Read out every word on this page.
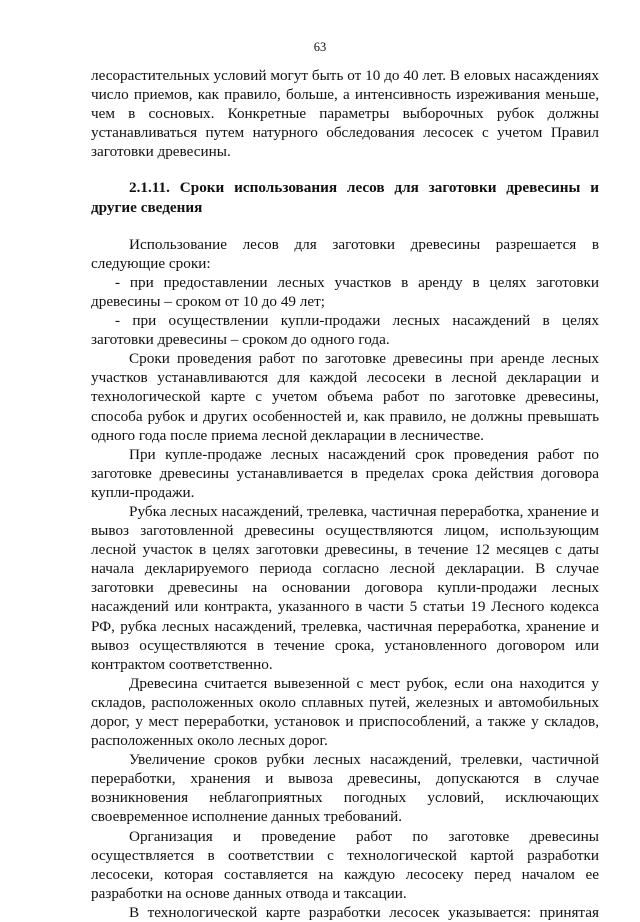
63

лесорастительных условий могут быть от 10 до 40 лет. В еловых насаждениях число приемов, как правило, больше, а интенсивность изреживания меньше, чем в сосновых. Конкретные параметры выборочных рубок должны устанавливаться путем натурного обследования лесосек с учетом Правил заготовки древесины.

2.1.11. Сроки использования лесов для заготовки древесины и другие сведения

Использование лесов для заготовки древесины разрешается в следующие сроки:

- при предоставлении лесных участков в аренду в целях заготовки древесины – сроком от 10 до 49 лет;

- при осуществлении купли-продажи лесных насаждений в целях заготовки древесины – сроком до одного года.

Сроки проведения работ по заготовке древесины при аренде лесных участков устанавливаются для каждой лесосеки в лесной декларации и технологической карте с учетом объема работ по заготовке древесины, способа рубок и других особенностей и, как правило, не должны превышать одного года после приема лесной декларации в лесничестве.

При купле-продаже лесных насаждений срок проведения работ по заготовке древесины устанавливается в пределах срока действия договора купли-продажи.

Рубка лесных насаждений, трелевка, частичная переработка, хранение и вывоз заготовленной древесины осуществляются лицом, использующим лесной участок в целях заготовки древесины, в течение 12 месяцев с даты начала декларируемого периода согласно лесной декларации. В случае заготовки древесины на основании договора купли-продажи лесных насаждений или контракта, указанного в части 5 статьи 19 Лесного кодекса РФ, рубка лесных насаждений, трелевка, частичная переработка, хранение и вывоз осуществляются в течение срока, установленного договором или контрактом соответственно.

Древесина считается вывезенной с мест рубок, если она находится у складов, расположенных около сплавных путей, железных и автомобильных дорог, у мест переработки, установок и приспособлений, а также у складов, расположенных около лесных дорог.

Увеличение сроков рубки лесных насаждений, трелевки, частичной переработки, хранения и вывоза древесины, допускаются в случае возникновения неблагоприятных погодных условий, исключающих своевременное исполнение данных требований.

Организация и проведение работ по заготовке древесины осуществляется в соответствии с технологической картой разработки лесосеки, которая составляется на каждую лесосеку перед началом ее разработки на основе данных отвода и таксации.

В технологической карте разработки лесосек указывается: принятая
